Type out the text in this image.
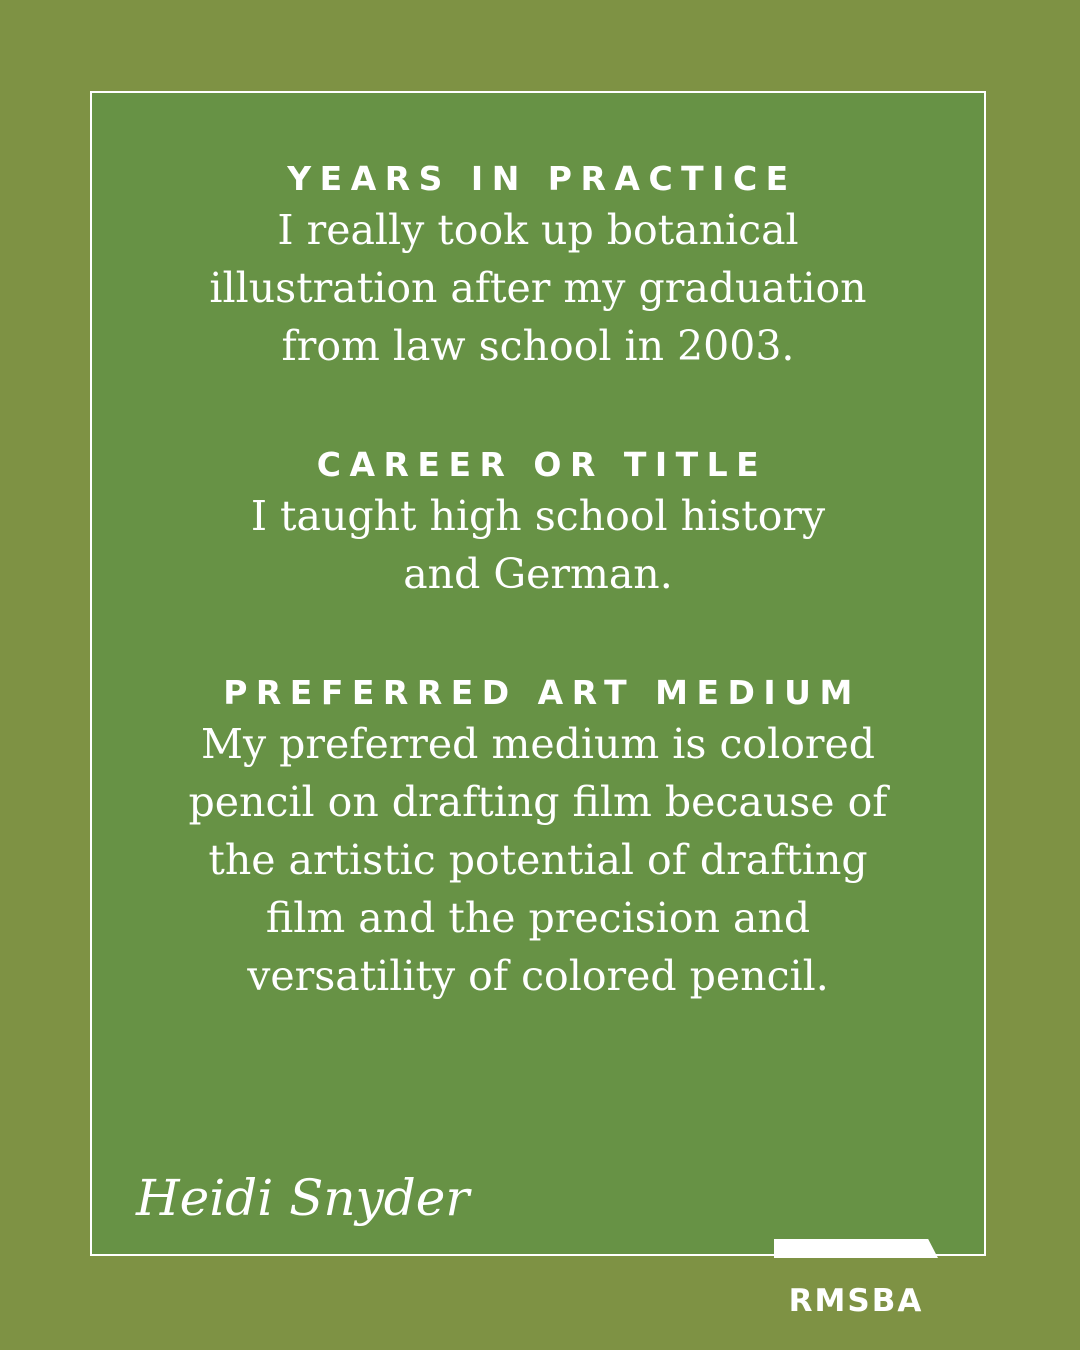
YEARS IN PRACTICE
I really took up botanical
illustration after my graduation
from law school in 2003.
CAREER OR TITLE
I taught high school history
and German.
PREFERRED ART MEDIUM
My preferred medium is colored
pencil on drafting film because of
the artistic potential of drafting
film and the precision and
versatility of colored pencil.

Heidi Snyder

RMSBA
